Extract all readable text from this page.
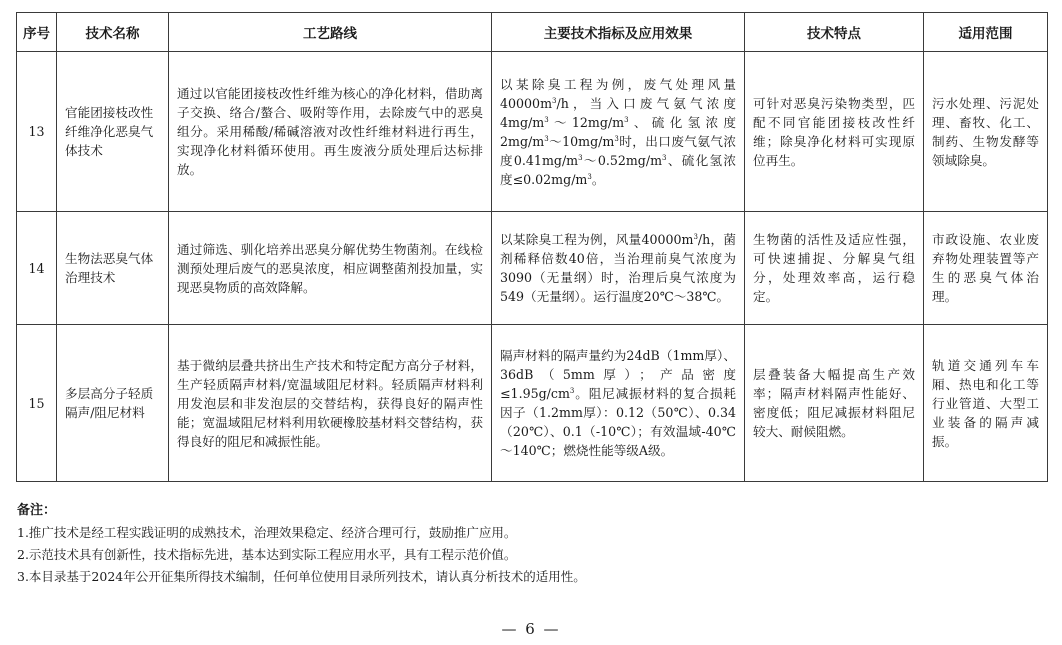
序号	技术名称	工艺路线	主要技术指标及应用效果	技术特点	适用范围
13	官能团接枝改性纤维净化恶臭气体技术	通过以官能团接枝改性纤维为核心的净化材料，借助离子交换、络合/螯合、吸附等作用，去除废气中的恶臭组分。采用稀酸/稀碱溶液对改性纤维材料进行再生，实现净化材料循环使用。再生废液分质处理后达标排放。	以某除臭工程为例，废气处理风量$40000m^3/h$，当入口废气氨气浓度$4mg/m^3\sim 12mg/m^3$、硫化氢浓度$2mg/m^3\sim 10mg/m^3$时，出口废气氨气浓度$0.41mg/m^3\sim 0.52mg/m^3$、硫化氢浓度$\le 0.02mg/m^3$。	可针对恶臭污染物类型，匹配不同官能团接枝改性纤维；除臭净化材料可实现原位再生。	污水处理、污泥处理、畜牧、化工、制药、生物发酵等领域除臭。
14	生物法恶臭气体治理技术	通过筛选、驯化培养出恶臭分解优势生物菌剂。在线检测预处理后废气的恶臭浓度，相应调整菌剂投加量，实现恶臭物质的高效降解。	以某除臭工程为例，风量$40000m^3/h$，菌剂稀释倍数40倍，当治理前臭气浓度为3090（无量纲）时，治理后臭气浓度为549（无量纲）。运行温度20℃～38℃。	生物菌的活性及适应性强，可快速捕捉、分解臭气组分，处理效率高，运行稳定。	市政设施、农业废弃物处理装置等产生的恶臭气体治理。
15	多层高分子轻质隔声/阻尼材料	基于微纳层叠共挤出生产技术和特定配方高分子材料，生产轻质隔声材料/宽温域阻尼材料。轻质隔声材料利用发泡层和非发泡层的交替结构，获得良好的隔声性能；宽温域阻尼材料利用软硬橡胶基材料交替结构，获得良好的阻尼和减振性能。	隔声材料的隔声量约为24dB（1mm厚）、36dB（5mm厚）；产品密度$\le 1.95g/cm^3$。阻尼减振材料的复合损耗因子（1.2mm厚）：0.12（50℃）、0.34（20℃）、0.1（-10℃）；有效温域-40℃～140℃；燃烧性能等级A级。	层叠装备大幅提高生产效率；隔声材料隔声性能好、密度低；阻尼减振材料阻尼较大、耐候阻燃。	轨道交通列车车厢、热电和化工等行业管道、大型工业装备的隔声减振。
备注：
1.推广技术是经工程实践证明的成熟技术，治理效果稳定、经济合理可行，鼓励推广应用。
2.示范技术具有创新性，技术指标先进，基本达到实际工程应用水平，具有工程示范价值。
3.本目录基于2024年公开征集所得技术编制，任何单位使用目录所列技术，请认真分析技术的适用性。
— 6 —
